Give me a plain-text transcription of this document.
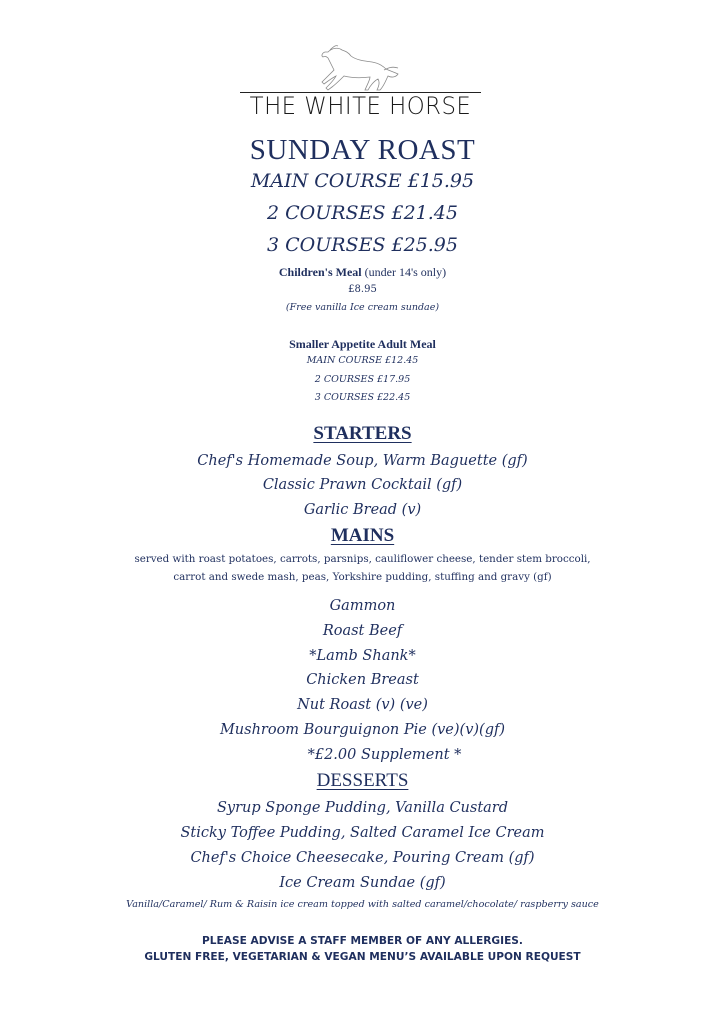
THE WHITE HORSE
SUNDAY ROAST
MAIN COURSE £15.95
2 COURSES £21.45
3 COURSES £25.95
Children's Meal (under 14's only)
£8.95
(Free vanilla Ice cream sundae)
Smaller Appetite Adult Meal
MAIN COURSE £12.45
2 COURSES £17.95
3 COURSES £22.45
STARTERS
Chef's Homemade Soup, Warm Baguette (gf)
Classic Prawn Cocktail (gf)
Garlic Bread (v)
MAINS
served with roast potatoes, carrots, parsnips, cauliflower cheese, tender stem broccoli,
carrot and swede mash, peas, Yorkshire pudding, stuffing and gravy (gf)
Gammon
Roast Beef
*Lamb Shank*
Chicken Breast
Nut Roast (v) (ve)
Mushroom Bourguignon Pie (ve)(v)(gf)
*£2.00 Supplement *
DESSERTS
Syrup Sponge Pudding, Vanilla Custard
Sticky Toffee Pudding, Salted Caramel Ice Cream
Chef's Choice Cheesecake, Pouring Cream (gf)
Ice Cream Sundae (gf)
Vanilla/Caramel/ Rum & Raisin ice cream topped with salted caramel/chocolate/ raspberry sauce
PLEASE ADVISE A STAFF MEMBER OF ANY ALLERGIES.
GLUTEN FREE, VEGETARIAN & VEGAN MENU’S AVAILABLE UPON REQUEST
